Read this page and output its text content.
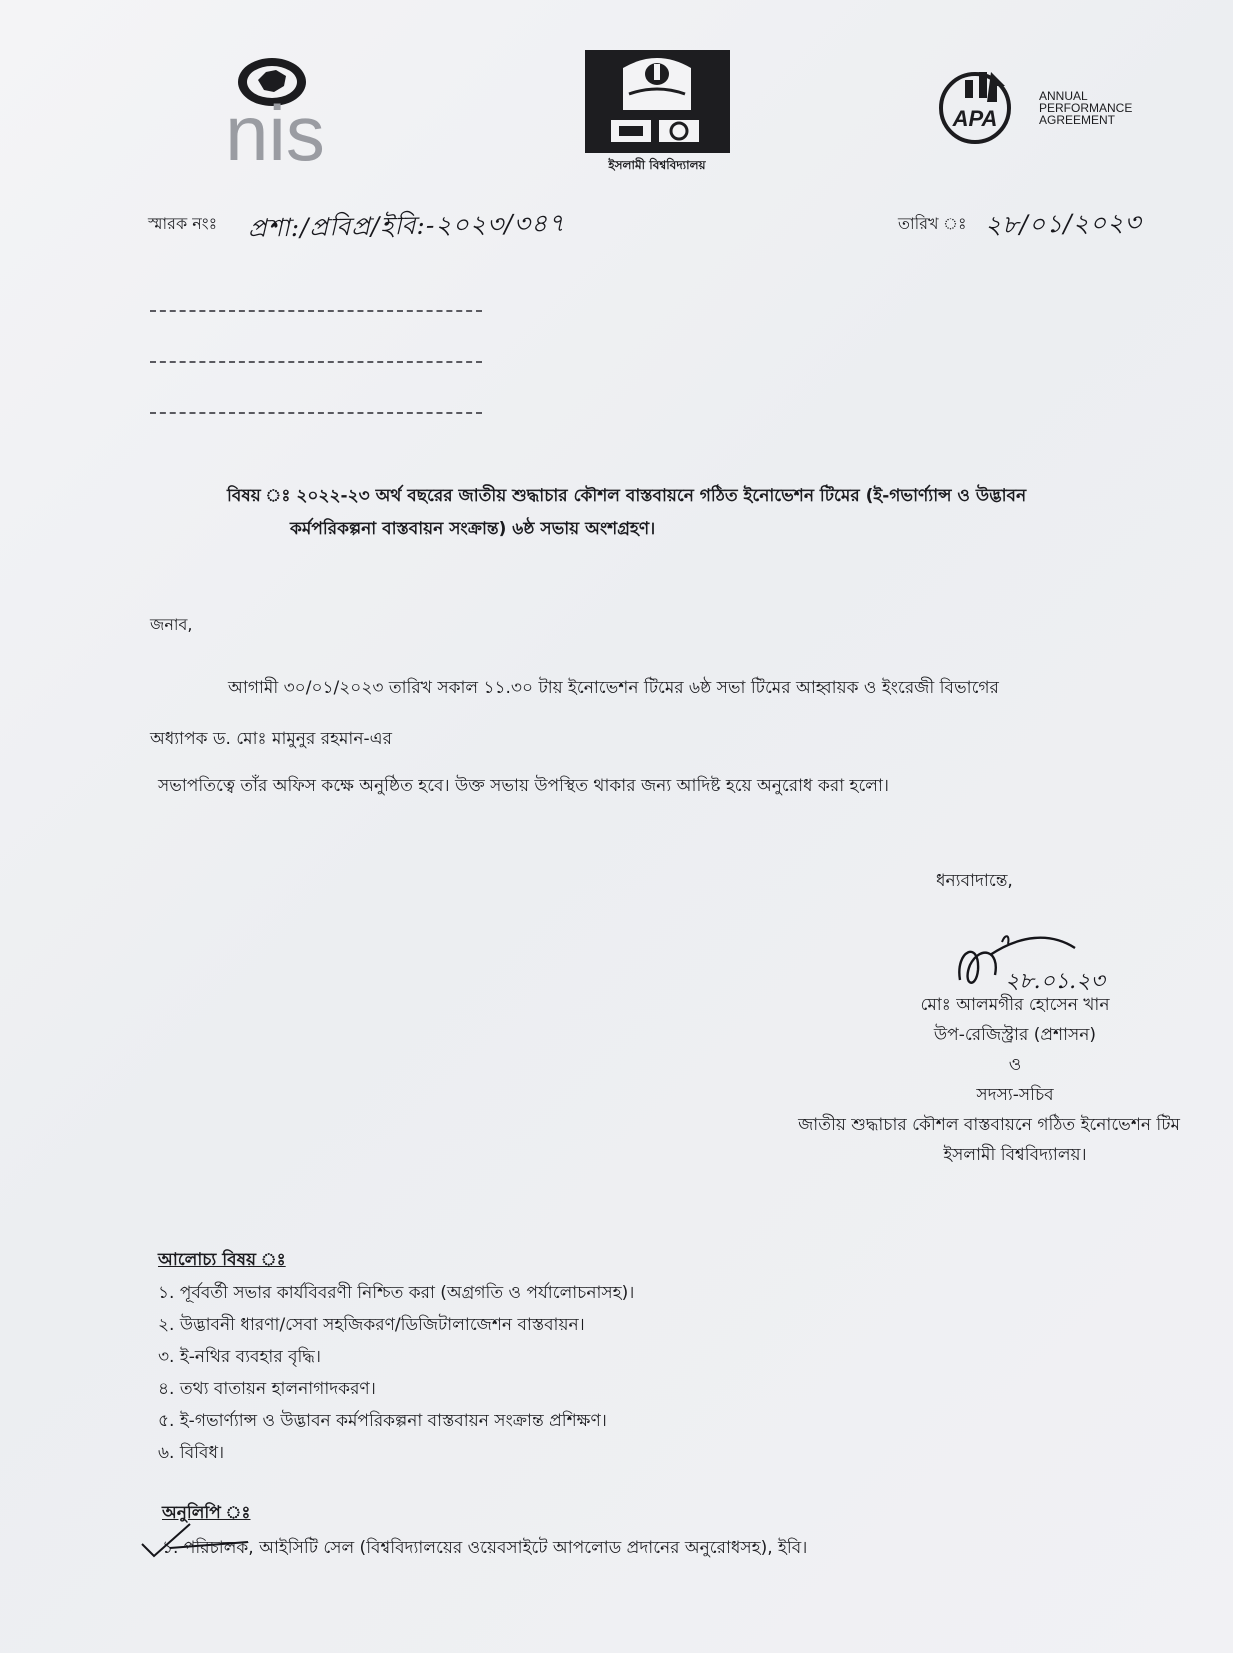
nis	ইসলামী বিশ্ববিদ্যালয়
APA
ANNUAL
PERFORMANCE
AGREEMENT
স্মারক নংঃ প্রশা:/প্রবিপ্র/ইবি:-২০২৩/৩৪৭	তারিখ ঃ ২৮/০১/২০২৩
বিষয় ঃ ২০২২-২৩ অর্থ বছরের জাতীয় শুদ্ধাচার কৌশল বাস্তবায়নে গঠিত ইনোভেশন টিমের (ই-গভার্ণ্যান্স ও উদ্ভাবন
কর্মপরিকল্পনা বাস্তবায়ন সংক্রান্ত) ৬ষ্ঠ সভায় অংশগ্রহণ।
জনাব,
আগামী ৩০/০১/২০২৩ তারিখ সকাল ১১.৩০ টায় ইনোভেশন টিমের ৬ষ্ঠ সভা টিমের আহ্বায়ক ও ইংরেজী বিভাগের
অধ্যাপক ড. মোঃ মামুনুর রহমান-এর
সভাপতিত্বে তাঁর অফিস কক্ষে অনুষ্ঠিত হবে। উক্ত সভায় উপস্থিত থাকার জন্য আদিষ্ট হয়ে অনুরোধ করা হলো।
ধন্যবাদান্তে,
২৮.০১.২৩
মোঃ আলমগীর হোসেন খান
উপ-রেজিস্ট্রার (প্রশাসন)
ও
সদস্য-সচিব
জাতীয় শুদ্ধাচার কৌশল বাস্তবায়নে গঠিত ইনোভেশন টিম
ইসলামী বিশ্ববিদ্যালয়।
আলোচ্য বিষয় ঃ
১. পূর্ববর্তী সভার কার্যবিবরণী নিশ্চিত করা (অগ্রগতি ও পর্যালোচনাসহ)।
২. উদ্ভাবনী ধারণা/সেবা সহজিকরণ/ডিজিটালাজেশন বাস্তবায়ন।
৩. ই-নথির ব্যবহার বৃদ্ধি।
৪. তথ্য বাতায়ন হালনাগাদকরণ।
৫. ই-গভার্ণ্যান্স ও উদ্ভাবন কর্মপরিকল্পনা বাস্তবায়ন সংক্রান্ত প্রশিক্ষণ।
৬. বিবিধ।
অনুলিপি ঃ
১. পরিচালক, আইসিটি সেল (বিশ্ববিদ্যালয়ের ওয়েবসাইটে আপলোড প্রদানের অনুরোধসহ), ইবি।
